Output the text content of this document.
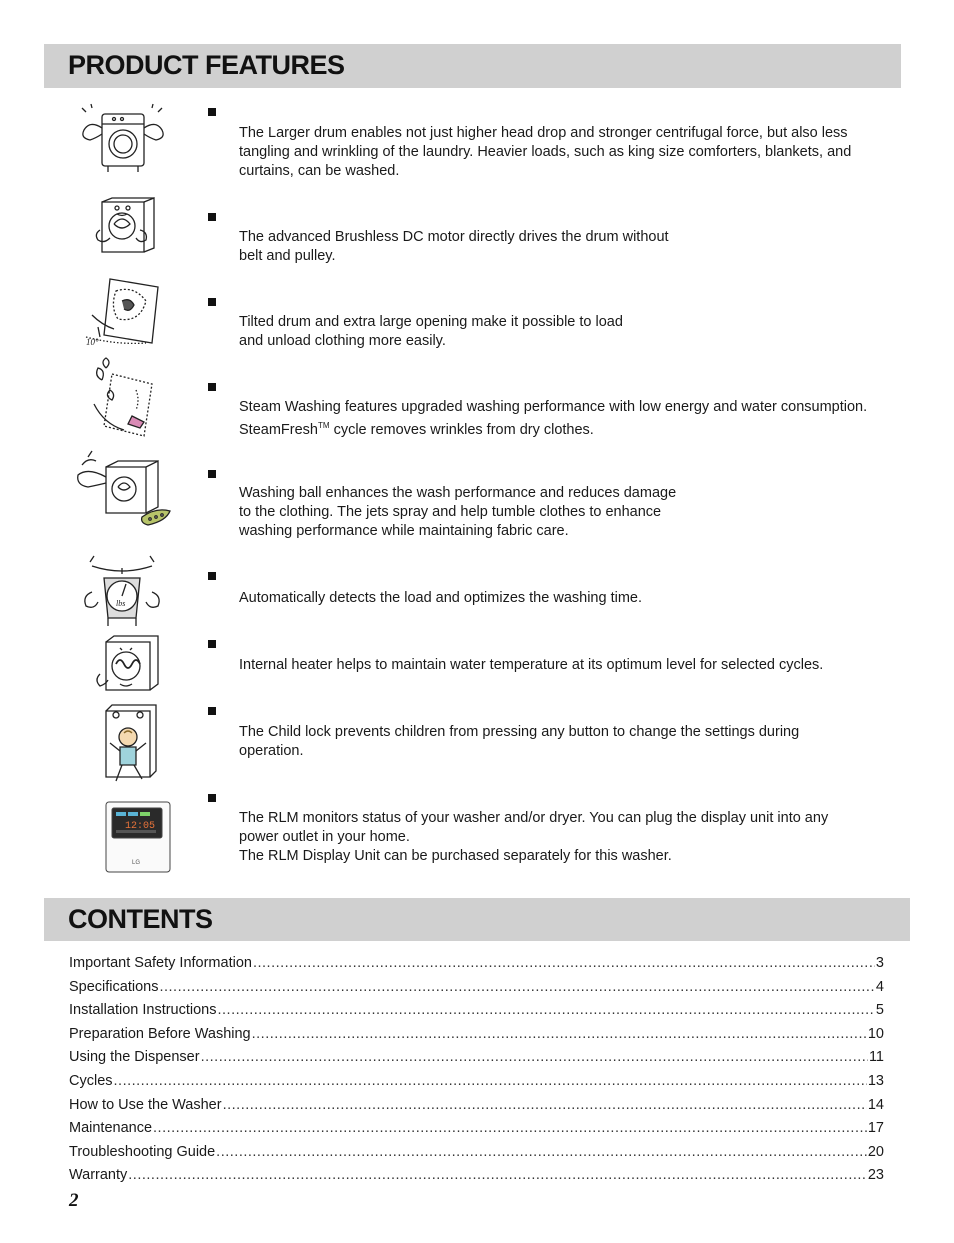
PRODUCT FEATURES
The Larger drum enables not just higher head drop and stronger centrifugal force, but also less tangling and wrinkling of the laundry. Heavier loads, such as king size comforters, blankets, and curtains, can be washed.
The advanced Brushless DC motor directly drives the drum without
belt and pulley.
10°
Tilted drum and extra large opening make it possible to load
and unload clothing more easily.
Steam Washing features upgraded washing performance with low energy and water consumption. SteamFresh™ cycle removes wrinkles from dry clothes.
Washing ball enhances the wash performance and reduces damage
to the clothing. The jets spray and help tumble clothes to enhance
washing performance while maintaining fabric care.
lbs	Automatically detects the load and optimizes the washing time.
Internal heater helps to maintain water temperature at its optimum level for selected cycles.
The Child lock prevents children from pressing any button to change the settings during
operation.
12:05
LG
The RLM monitors status of your washer and/or dryer. You can plug the display unit into any
power outlet in your home.
The RLM Display Unit can be purchased separately for this washer.
CONTENTS
Important Safety Information .....	3
Specifications .....	4
Installation Instructions .....	5
Preparation Before Washing .....	10
Using the Dispenser .....	11
Cycles .....	13
How to Use the Washer .....	14
Maintenance .....	17
Troubleshooting Guide .....	20
Warranty .....	23
2
